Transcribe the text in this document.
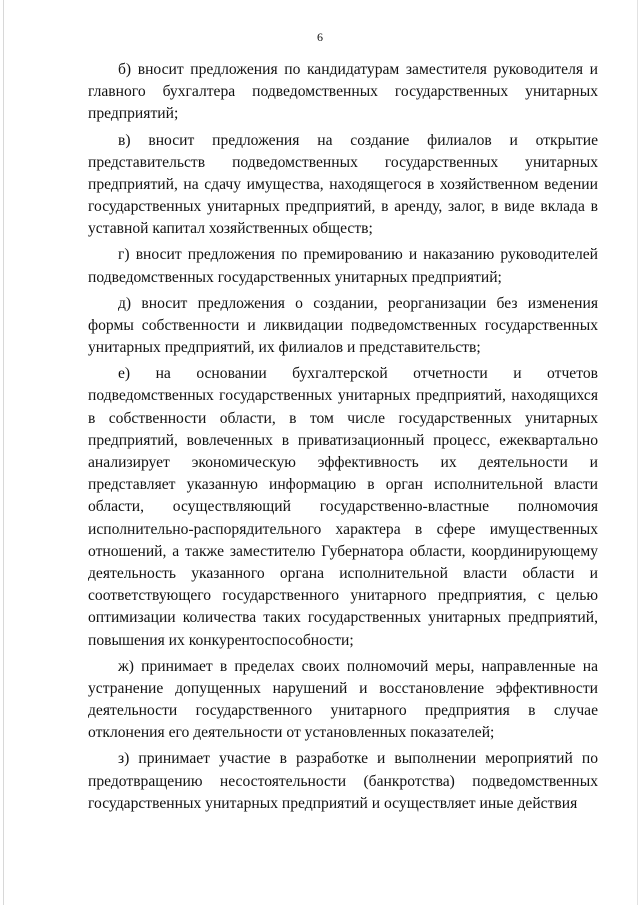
6

б) вносит предложения по кандидатурам заместителя руководителя и главного бухгалтера подведомственных государственных унитарных предприятий;

в) вносит предложения на создание филиалов и открытие представительств подведомственных государственных унитарных предприятий, на сдачу имущества, находящегося в хозяйственном ведении государственных унитарных предприятий, в аренду, залог, в виде вклада в уставной капитал хозяйственных обществ;

г) вносит предложения по премированию и наказанию руководителей подведомственных государственных унитарных предприятий;

д) вносит предложения о создании, реорганизации без изменения формы собственности и ликвидации подведомственных государственных унитарных предприятий, их филиалов и представительств;

е) на основании бухгалтерской отчетности и отчетов подведомственных государственных унитарных предприятий, находящихся в собственности области, в том числе государственных унитарных предприятий, вовлеченных в приватизационный процесс, ежеквартально анализирует экономическую эффективность их деятельности и представляет указанную информацию в орган исполнительной власти области, осуществляющий государственно-властные полномочия исполнительно-распорядительного характера в сфере имущественных отношений, а также заместителю Губернатора области, координирующему деятельность указанного органа исполнительной власти области и соответствующего государственного унитарного предприятия, с целью оптимизации количества таких государственных унитарных предприятий, повышения их конкурентоспособности;

ж) принимает в пределах своих полномочий меры, направленные на устранение допущенных нарушений и восстановление эффективности деятельности государственного унитарного предприятия в случае отклонения его деятельности от установленных показателей;

з) принимает участие в разработке и выполнении мероприятий по предотвращению несостоятельности (банкротства) подведомственных государственных унитарных предприятий и осуществляет иные действия
